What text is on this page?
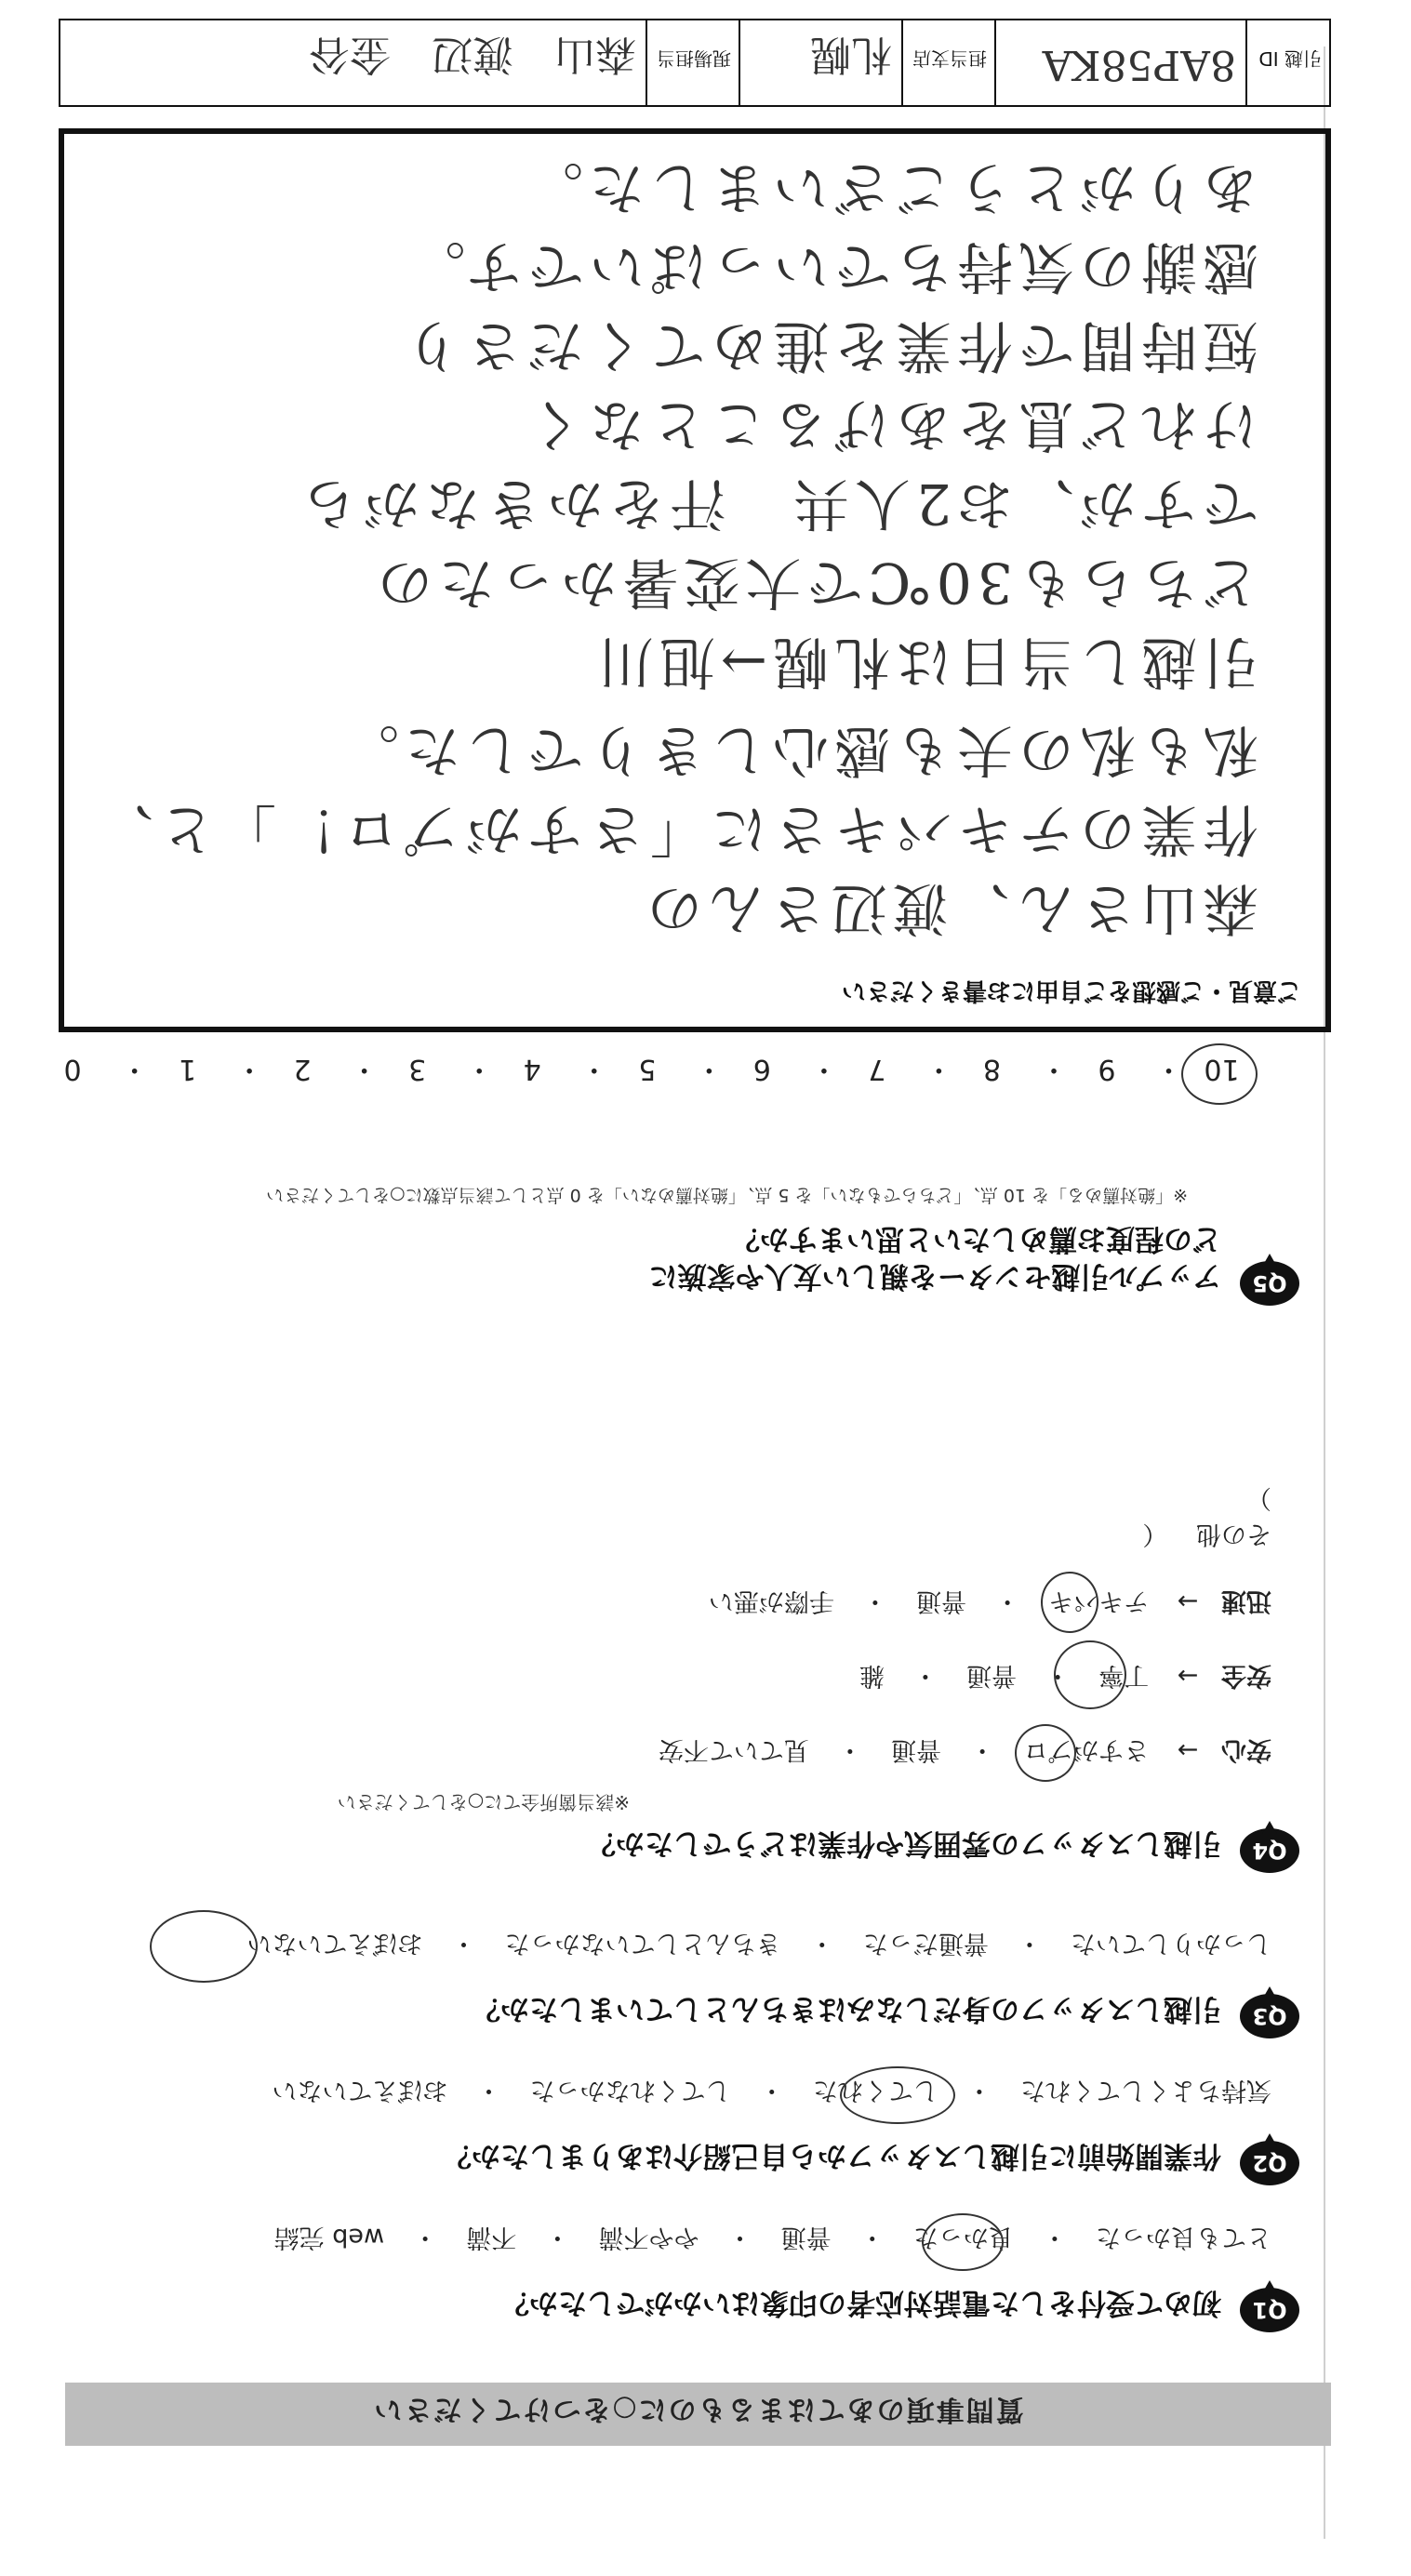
質問事項のあてはまるものに○をつけてください
Q1
初めて受付をした電話対応者の印象はいかがでしたか？
とても良かった ・ 良かった ・ 普通 ・ やや不満 ・ 不満 ・ web 完結
Q2
作業開始前に引越しスタッフから自己紹介はありましたか？
気持ちよくしてくれた ・ してくれた ・ してくれなかった ・ おぼえていない
Q3
引越しスタッフの身だしなみはきちんとしていましたか？
しっかりしていた ・ 普通だった ・ きちんとしていなかった ・ おぼえていない
Q4
引越しスタッフの雰囲気や作業はどうでしたか？
※該当箇所全てに○をしてください
安心 → さすがプロ ・ 普通 ・ 見ていて不安
安全 → 丁寧 ・ 普通 ・ 雑
迅速 → テキパキ ・ 普通 ・ 手際が悪い
その他 （  ）
Q5
アップル引越センターを親しい友人や家族に
どの程度お薦めしたいと思いますか？
※「絶対薦める」を 10 点、「どちらでもない」を 5 点、「絶対薦めない」を 0 点として該当点数に○をしてください
10・ 9・ 8・ 7・ 6・ 5・ 4・ 3・ 2・ 1・ 0
ご意見・ご感想をご自由にお書きください
森山さん、渡辺さんの
作業のテキパキさに「さすがプロ！」と、
私も私の夫も感心しきりでした。
引越し当日は札幌→旭川
どちらも30℃で大変暑かったの
ですが、お2人共　汗をかきながら
けれど息をあげることなく
短時間で作業を進めてくださり
感謝の気持ちでいっぱいです。
ありがとうございました。
引越 ID
8AP58KA
担当支店
札幌
現場担当
森山　渡辺　金谷
